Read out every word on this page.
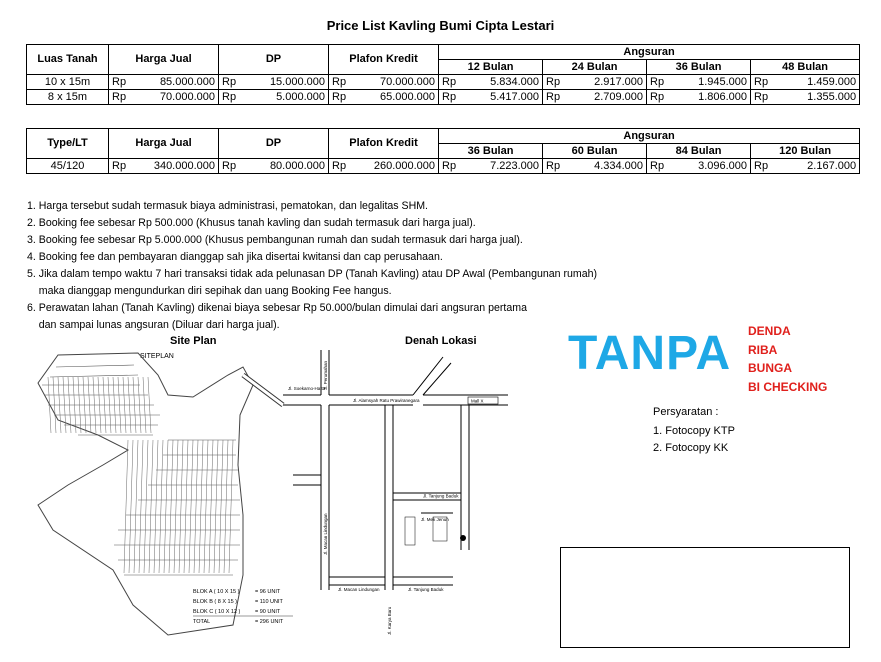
Price List Kavling Bumi Cipta Lestari
Luas Tanah	Harga Jual		DP		Plafon Kredit		Angsuran							
							12 Bulan		24 Bulan		36 Bulan		48 Bulan	
10 x 15m	Rp	85.000.000	Rp	15.000.000	Rp	70.000.000	Rp	5.834.000	Rp	2.917.000	Rp	1.945.000	Rp	1.459.000
8 x 15m	Rp	70.000.000	Rp	5.000.000	Rp	65.000.000	Rp	5.417.000	Rp	2.709.000	Rp	1.806.000	Rp	1.355.000
Type/LT	Harga Jual		DP		Plafon Kredit		Angsuran							
							36 Bulan		60 Bulan		84 Bulan		120 Bulan	
45/120	Rp	340.000.000	Rp	80.000.000	Rp	260.000.000	Rp	7.223.000	Rp	4.334.000	Rp	3.096.000	Rp	2.167.000
1. Harga tersebut sudah termasuk biaya administrasi, pematokan, dan legalitas SHM.
2. Booking fee sebesar Rp 500.000 (Khusus tanah kavling dan sudah termasuk dari harga jual).
3. Booking fee sebesar Rp 5.000.000 (Khusus pembangunan rumah dan sudah termasuk dari harga jual).
4. Booking fee dan pembayaran dianggap sah jika disertai kwitansi dan cap perusahaan.
5. Jika dalam tempo waktu 7 hari transaksi tidak ada pelunasan DP (Tanah Kavling) atau DP Awal (Pembangunan rumah)
maka dianggap mengundurkan diri sepihak dan uang Booking Fee hangus.
6. Perawatan lahan (Tanah Kavling) dikenai biaya sebesar Rp 50.000/bulan dimulai dari angsuran pertama
dan sampai lunas angsuran (Diluar dari harga jual).
Site Plan
SITEPLAN
BLOK A ( 10 X 15 )	= 96 UNIT
BLOK B ( 8 X 15 )	= 110 UNIT
BLOK C ( 10 X 12 )	= 90 UNIT
TOTAL	= 296 UNIT
Denah Lokasi
Jl. Alamsyah Ratu Prawiranegara	Mall X
Jl. Tanjung Baduk
Jl. Mek Jenuh
Jl. Macan Lindungan	Jl. Tanjung Baduk
Jl. Soekarno-Hatta
Jl. Macan Lindungan
Jl. Karya Baru
Jl. Perumahan	TANPA DENDA
RIBA
BUNGA
BI CHECKING
Persyaratan :
1. Fotocopy KTP
2. Fotocopy KK
